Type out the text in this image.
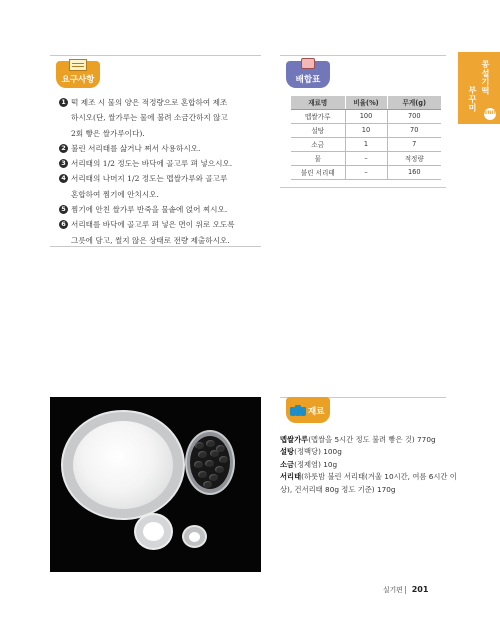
요구사항
1 떡 제조 시 물의 양은 적정량으로 혼합하여 제조
하시오(단, 쌀가루는 물에 불려 소금간하지 않고
2회 빻은 쌀가루이다).
2 불린 서리태를 삶거나 쪄서 사용하시오.
3 서리태의 1/2 정도는 바닥에 골고루 펴 넣으시오.
4 서리태의 나머지 1/2 정도는 멥쌀가루와 골고루
혼합하여 찜기에 안치시오.
5 찜기에 안친 쌀가루 반죽을 물솥에 얹어 찌시오.
6 서리태를 바닥에 골고루 펴 넣은 면이 위로 오도록
그릇에 담고, 썰지 않은 상태로 전량 제출하시오.
배합표
재료명	비율(%)	무게(g)
멥쌀가루	100	700
설탕	10	70
소금	1	7
물	–	적정량
불린 서리태	–	160
콩설기떡
부꾸미
UNIT
재료

멥쌀가루(멥쌀을 5시간 정도 불려 빻은 것) 770g

설탕(정백당) 100g

소금(정제염) 10g

서리태(하룻밤 불린 서리태(겨울 10시간, 여름 6시간 이

상), 건서리태 80g 정도 기준) 170g

실기편 201
